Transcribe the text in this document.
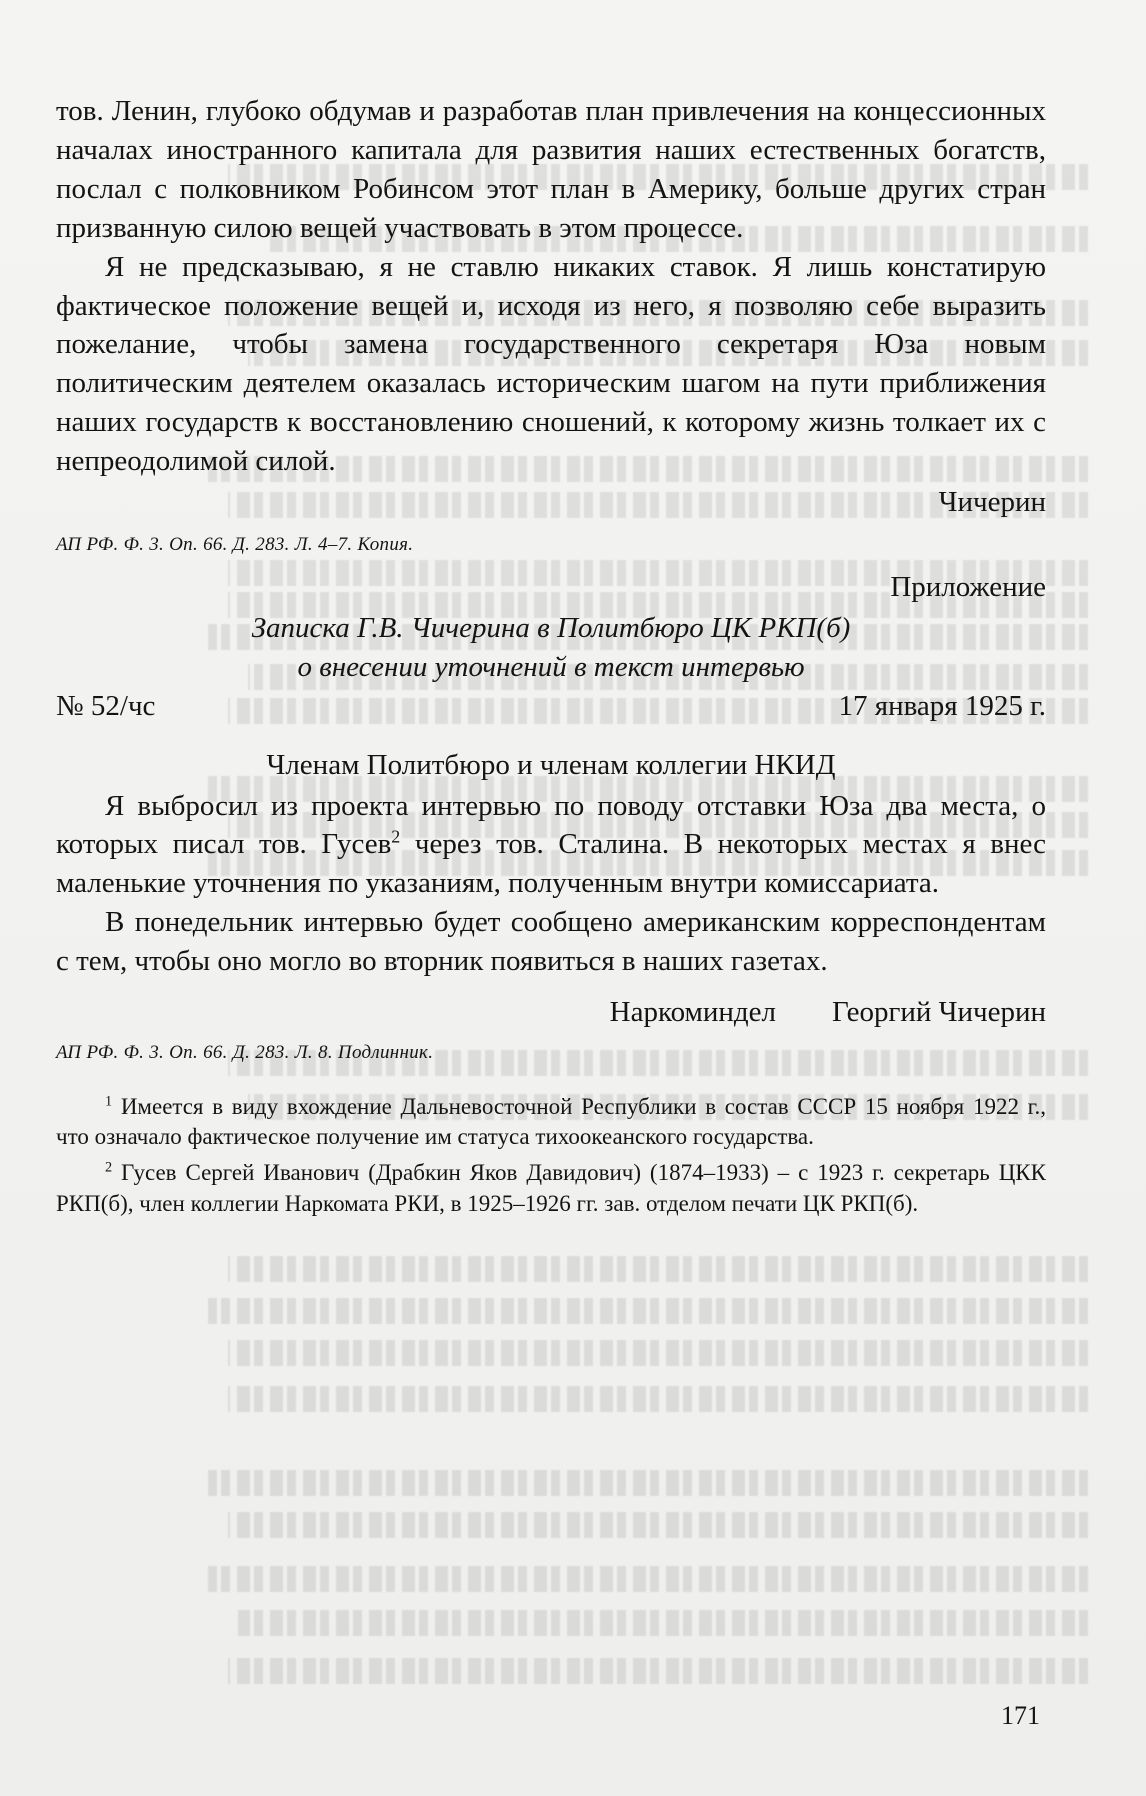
тов. Ленин, глубоко обдумав и разработав план привлечения на концессионных началах иностранного капитала для развития наших естественных богатств, послал с полковником Робинсом этот план в Америку, больше других стран призванную силою вещей участвовать в этом процессе.

Я не предсказываю, я не ставлю никаких ставок. Я лишь констатирую фактическое положение вещей и, исходя из него, я позволяю себе выразить пожелание, чтобы замена государственного секретаря Юза новым политическим деятелем оказалась историческим шагом на пути приближения наших государств к восстановлению сношений, к которому жизнь толкает их с непреодолимой силой.

Чичерин

АП РФ. Ф. 3. Оп. 66. Д. 283. Л. 4–7. Копия.

Приложение

Записка Г.В. Чичерина в Политбюро ЦК РКП(б)

о внесении уточнений в текст интервью

№ 52/чс	17 января 1925 г.

Членам Политбюро и членам коллегии НКИД

Я выбросил из проекта интервью по поводу отставки Юза два места, о которых писал тов. Гусев$^2$ через тов. Сталина. В некоторых местах я внес маленькие уточнения по указаниям, полученным внутри комиссариата.

В понедельник интервью будет сообщено американским корреспондентам с тем, чтобы оно могло во вторник появиться в наших газетах.

Наркоминдел Георгий Чичерин

АП РФ. Ф. 3. Оп. 66. Д. 283. Л. 8. Подлинник.

$^1$ Имеется в виду вхождение Дальневосточной Республики в состав СССР 15 ноября 1922 г., что означало фактическое получение им статуса тихоокеанского государства.

$^2$ Гусев Сергей Иванович (Драбкин Яков Давидович) (1874–1933) – с 1923 г. секретарь ЦКК РКП(б), член коллегии Наркомата РКИ, в 1925–1926 гг. зав. отделом печати ЦК РКП(б).

171
